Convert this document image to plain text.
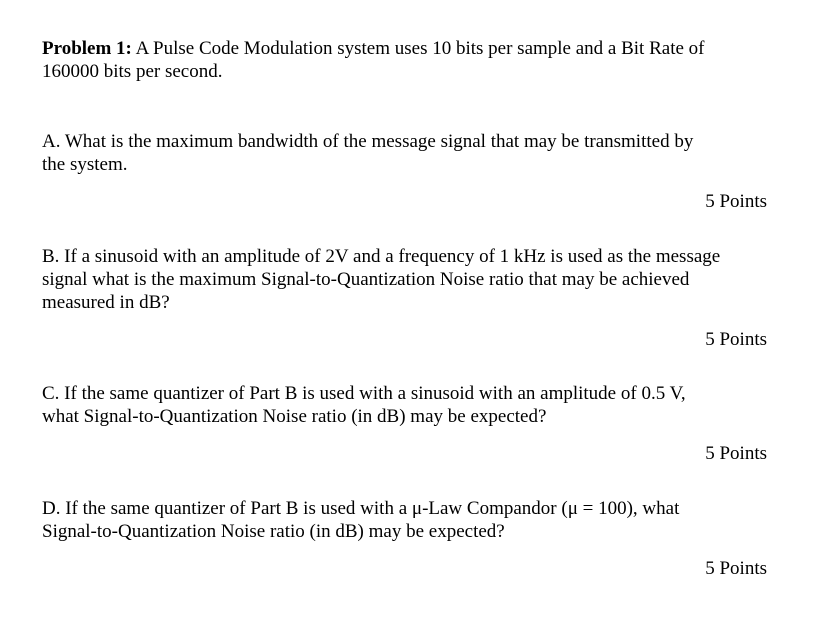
Problem 1: A Pulse Code Modulation system uses 10 bits per sample and a Bit Rate of

160000 bits per second.

A. What is the maximum bandwidth of the message signal that may be transmitted by

the system.

5 Points

B. If a sinusoid with an amplitude of 2V and a frequency of 1 kHz is used as the message

signal what is the maximum Signal-to-Quantization Noise ratio that may be achieved

measured in dB?

5 Points

C. If the same quantizer of Part B is used with a sinusoid with an amplitude of 0.5 V,

what Signal-to-Quantization Noise ratio (in dB) may be expected?

5 Points

D. If the same quantizer of Part B is used with a μ-Law Compandor (μ = 100), what

Signal-to-Quantization Noise ratio (in dB) may be expected?

5 Points
